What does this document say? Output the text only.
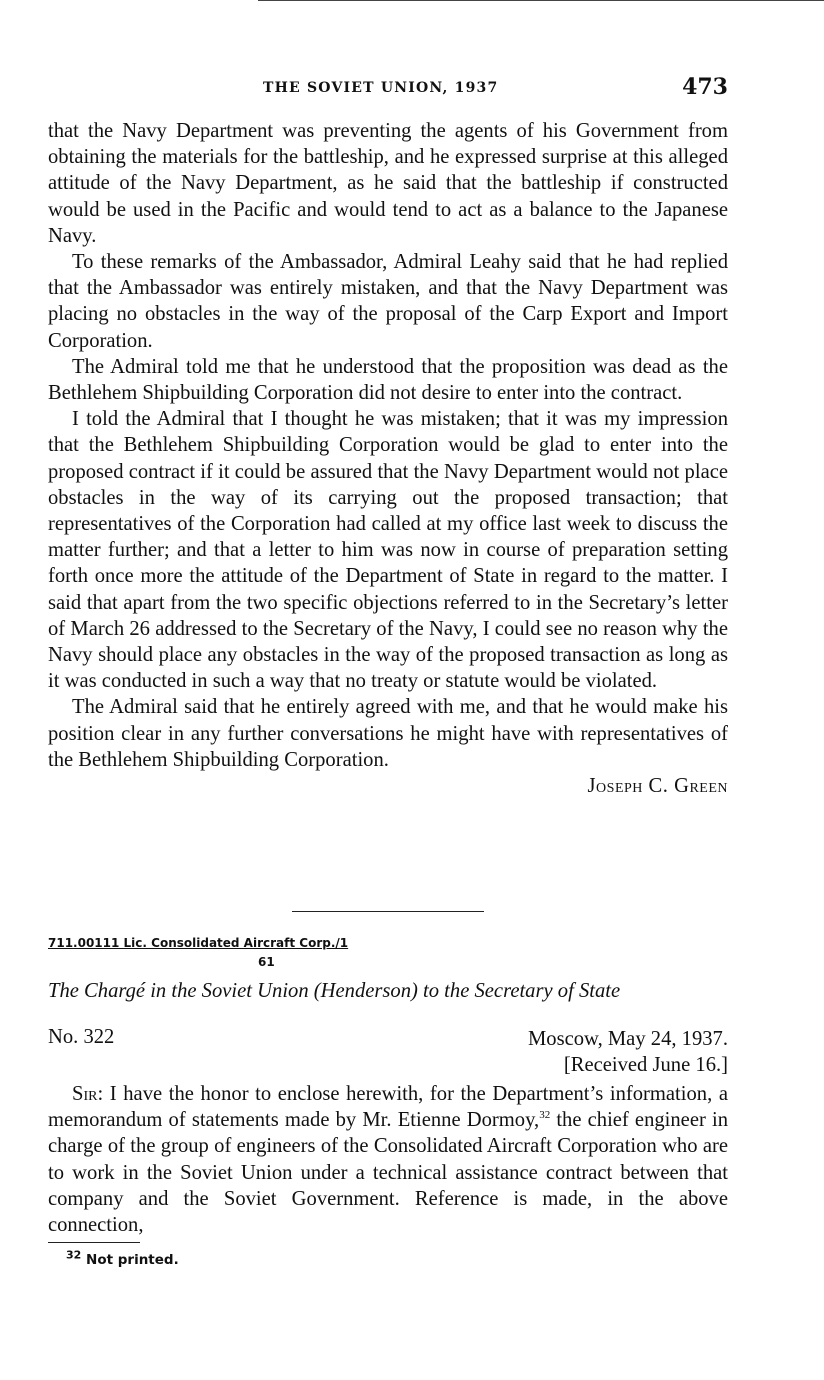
THE SOVIET UNION, 1937	473

that the Navy Department was preventing the agents of his Government from obtaining the materials for the battleship, and he expressed surprise at this alleged attitude of the Navy Department, as he said that the battleship if constructed would be used in the Pacific and would tend to act as a balance to the Japanese Navy.

To these remarks of the Ambassador, Admiral Leahy said that he had replied that the Ambassador was entirely mistaken, and that the Navy Department was placing no obstacles in the way of the proposal of the Carp Export and Import Corporation.

The Admiral told me that he understood that the proposition was dead as the Bethlehem Shipbuilding Corporation did not desire to enter into the contract.

I told the Admiral that I thought he was mistaken; that it was my impression that the Bethlehem Shipbuilding Corporation would be glad to enter into the proposed contract if it could be assured that the Navy Department would not place obstacles in the way of its carrying out the proposed transaction; that representatives of the Corporation had called at my office last week to discuss the matter further; and that a letter to him was now in course of preparation setting forth once more the attitude of the Department of State in regard to the matter. I said that apart from the two specific objections referred to in the Secretary’s letter of March 26 addressed to the Secretary of the Navy, I could see no reason why the Navy should place any obstacles in the way of the proposed transaction as long as it was conducted in such a way that no treaty or statute would be violated.

The Admiral said that he entirely agreed with me, and that he would make his position clear in any further conversations he might have with representatives of the Bethlehem Shipbuilding Corporation.

Joseph C. Green
711.00111 Lic. Consolidated Aircraft Corp./1
61
The Chargé in the Soviet Union (Henderson) to the Secretary of State
No. 322	Moscow, May 24, 1937.
[Received June 16.]

Sir: I have the honor to enclose herewith, for the Department’s information, a memorandum of statements made by Mr. Etienne Dormoy,$^{32}$ the chief engineer in charge of the group of engineers of the Consolidated Aircraft Corporation who are to work in the Soviet Union under a technical assistance contract between that company and the Soviet Government. Reference is made, in the above connection,

$^{32}$ Not printed.
